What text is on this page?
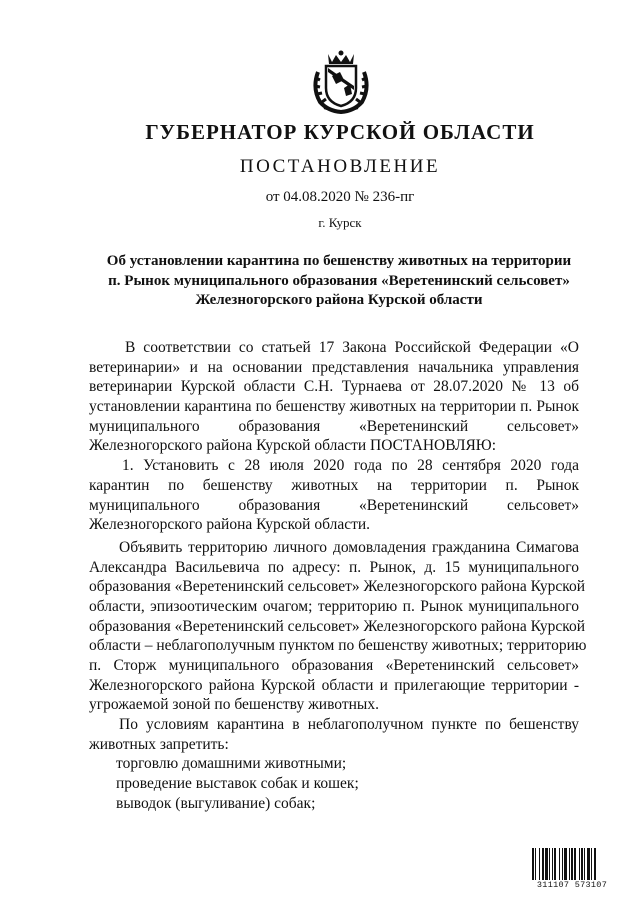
ГУБЕРНАТОР КУРСКОЙ ОБЛАСТИ
ПОСТАНОВЛЕНИЕ
от 04.08.2020 № 236-пг
г. Курск
Об установлении карантина по бешенству животных на территории
п. Рынок муниципального образования «Веретенинский сельсовет»
Железногорского района Курской области
В соответствии со статьей 17 Закона Российской Федерации «О
ветеринарии» и на основании представления начальника управления
ветеринарии Курской области С.Н. Турнаева от 28.07.2020 № 13 об
установлении карантина по бешенству животных на территории п. Рынок
муниципального образования «Веретенинский сельсовет»
Железногорского района Курской области ПОСТАНОВЛЯЮ:
1. Установить с 28 июля 2020 года по 28 сентября 2020 года
карантин по бешенству животных на территории п. Рынок
муниципального образования «Веретенинский сельсовет»
Железногорского района Курской области.
Объявить территорию личного домовладения гражданина Симагова
Александра Васильевича по адресу: п. Рынок, д. 15 муниципального
образования «Веретенинский сельсовет» Железногорского района Курской
области, эпизоотическим очагом; территорию п. Рынок муниципального
образования «Веретенинский сельсовет» Железногорского района Курской
области – неблагополучным пунктом по бешенству животных; территорию
п. Сторж муниципального образования «Веретенинский сельсовет»
Железногорского района Курской области и прилегающие территории -
угрожаемой зоной по бешенству животных.
По условиям карантина в неблагополучном пункте по бешенству
животных запретить:
торговлю домашними животными;
проведение выставок собак и кошек;
выводок (выгуливание) собак;
311107 573107
